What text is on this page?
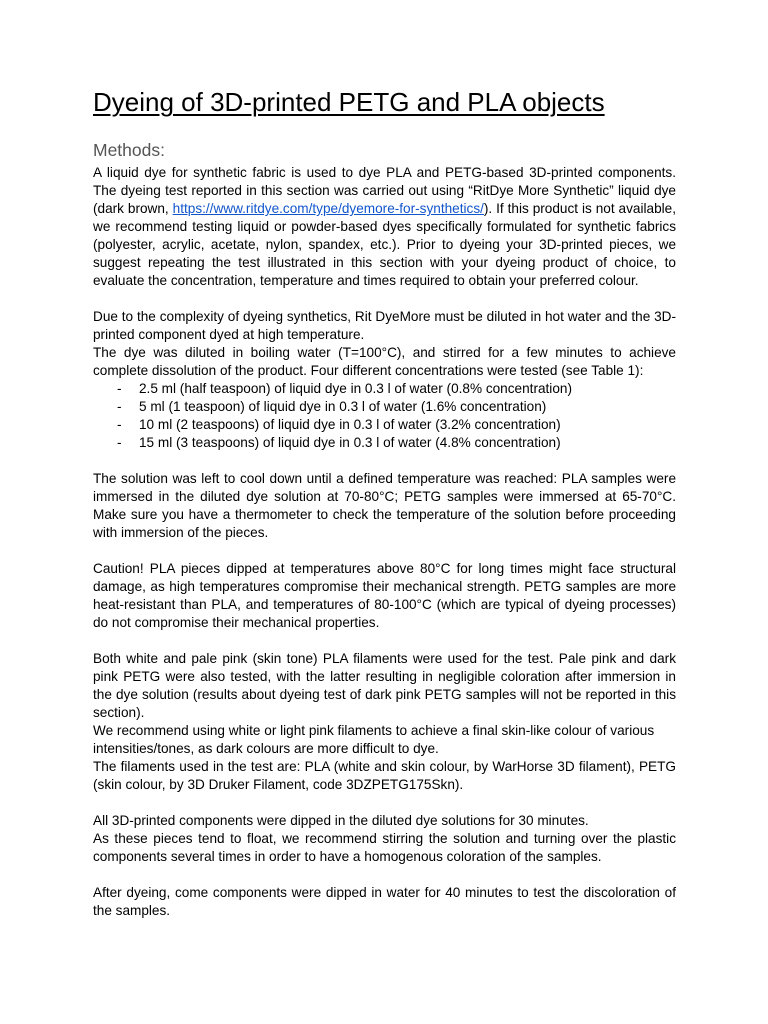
Dyeing of 3D-printed PETG and PLA objects
Methods:

A liquid dye for synthetic fabric is used to dye PLA and PETG-based 3D-printed components. The dyeing test reported in this section was carried out using “RitDye More Synthetic” liquid dye (dark brown, https://www.ritdye.com/type/dyemore-for-synthetics/). If this product is not available, we recommend testing liquid or powder-based dyes specifically formulated for synthetic fabrics (polyester, acrylic, acetate, nylon, spandex, etc.). Prior to dyeing your 3D-printed pieces, we suggest repeating the test illustrated in this section with your dyeing product of choice, to evaluate the concentration, temperature and times required to obtain your preferred colour.

Due to the complexity of dyeing synthetics, Rit DyeMore must be diluted in hot water and the 3D-printed component dyed at high temperature.

The dye was diluted in boiling water (T=100°C), and stirred for a few minutes to achieve complete dissolution of the product. Four different concentrations were tested (see Table 1):

- 2.5 ml (half teaspoon) of liquid dye in 0.3 l of water (0.8% concentration)
- 5 ml (1 teaspoon) of liquid dye in 0.3 l of water (1.6% concentration)
- 10 ml (2 teaspoons) of liquid dye in 0.3 l of water (3.2% concentration)
- 15 ml (3 teaspoons) of liquid dye in 0.3 l of water (4.8% concentration)

The solution was left to cool down until a defined temperature was reached: PLA samples were immersed in the diluted dye solution at 70-80°C; PETG samples were immersed at 65-70°C. Make sure you have a thermometer to check the temperature of the solution before proceeding with immersion of the pieces.

Caution! PLA pieces dipped at temperatures above 80°C for long times might face structural damage, as high temperatures compromise their mechanical strength. PETG samples are more heat-resistant than PLA, and temperatures of 80-100°C (which are typical of dyeing processes) do not compromise their mechanical properties.

Both white and pale pink (skin tone) PLA filaments were used for the test. Pale pink and dark pink PETG were also tested, with the latter resulting in negligible coloration after immersion in the dye solution (results about dyeing test of dark pink PETG samples will not be reported in this section).

We recommend using white or light pink filaments to achieve a final skin-like colour of various intensities/tones, as dark colours are more difficult to dye.

The filaments used in the test are: PLA (white and skin colour, by WarHorse 3D filament), PETG (skin colour, by 3D Druker Filament, code 3DZPETG175Skn).

All 3D-printed components were dipped in the diluted dye solutions for 30 minutes.

As these pieces tend to float, we recommend stirring the solution and turning over the plastic components several times in order to have a homogenous coloration of the samples.

After dyeing, come components were dipped in water for 40 minutes to test the discoloration of the samples.
